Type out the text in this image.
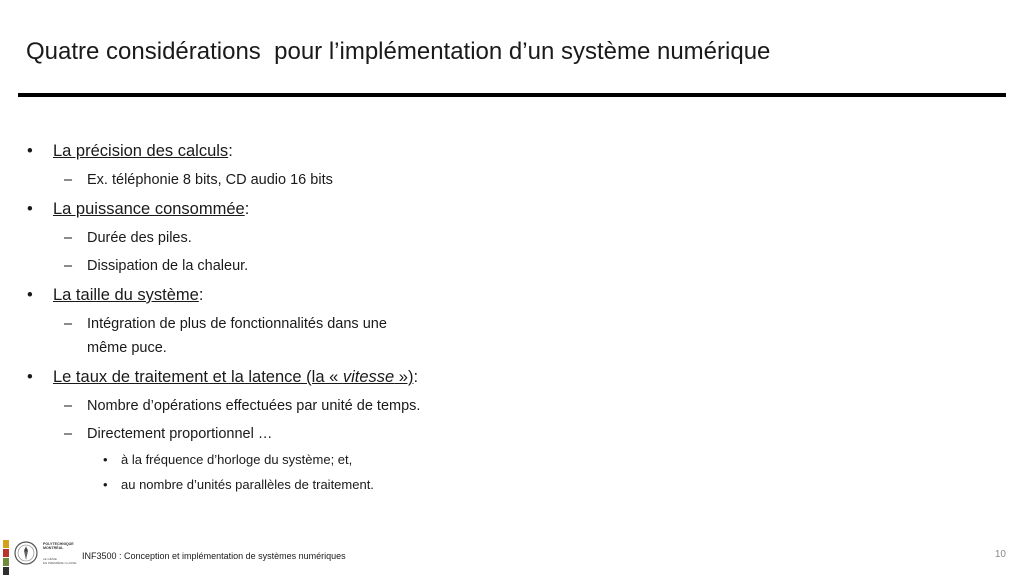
Quatre considérations  pour l’implémentation d’un système numérique
• La précision des calculs:
– Ex. téléphonie 8 bits, CD audio 16 bits
• La puissance consommée:
– Durée des piles.
– Dissipation de la chaleur.
• La taille du système:
– Intégration de plus de fonctionnalités dans une
même puce.
• Le taux de traitement et la latence (la « vitesse »):
– Nombre d’opérations effectuées par unité de temps.
– Directement proportionnel …
• à la fréquence d’horloge du système; et,
• au nombre d’unités parallèles de traitement.
POLYTECHNIQUE
MONTRÉAL
LE GÉNIE
EN PREMIÈRE CLASSE
INF3500 : Conception et implémentation de systèmes numériques	10
